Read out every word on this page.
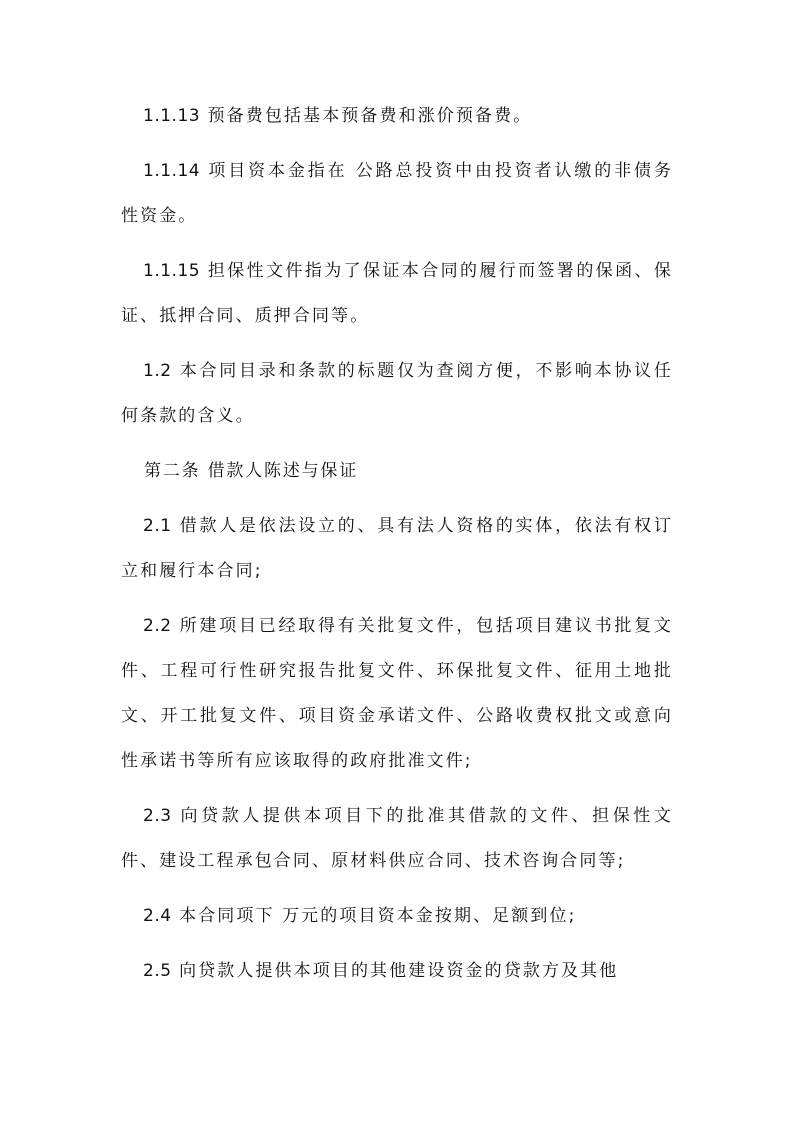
1.1.13 预备费包括基本预备费和涨价预备费。

1.1.14 项目资本金指在 公路总投资中由投资者认缴的非债务性资金。

1.1.15 担保性文件指为了保证本合同的履行而签署的保函、保证、抵押合同、质押合同等。

1.2 本合同目录和条款的标题仅为查阅方便，不影响本协议任何条款的含义。

第二条 借款人陈述与保证

2.1 借款人是依法设立的、具有法人资格的实体，依法有权订立和履行本合同;

2.2 所建项目已经取得有关批复文件，包括项目建议书批复文件、工程可行性研究报告批复文件、环保批复文件、征用土地批文、开工批复文件、项目资金承诺文件、公路收费权批文或意向性承诺书等所有应该取得的政府批准文件;

2.3 向贷款人提供本项目下的批准其借款的文件、担保性文件、建设工程承包合同、原材料供应合同、技术咨询合同等;

2.4 本合同项下 万元的项目资本金按期、足额到位;

2.5 向贷款人提供本项目的其他建设资金的贷款方及其他
